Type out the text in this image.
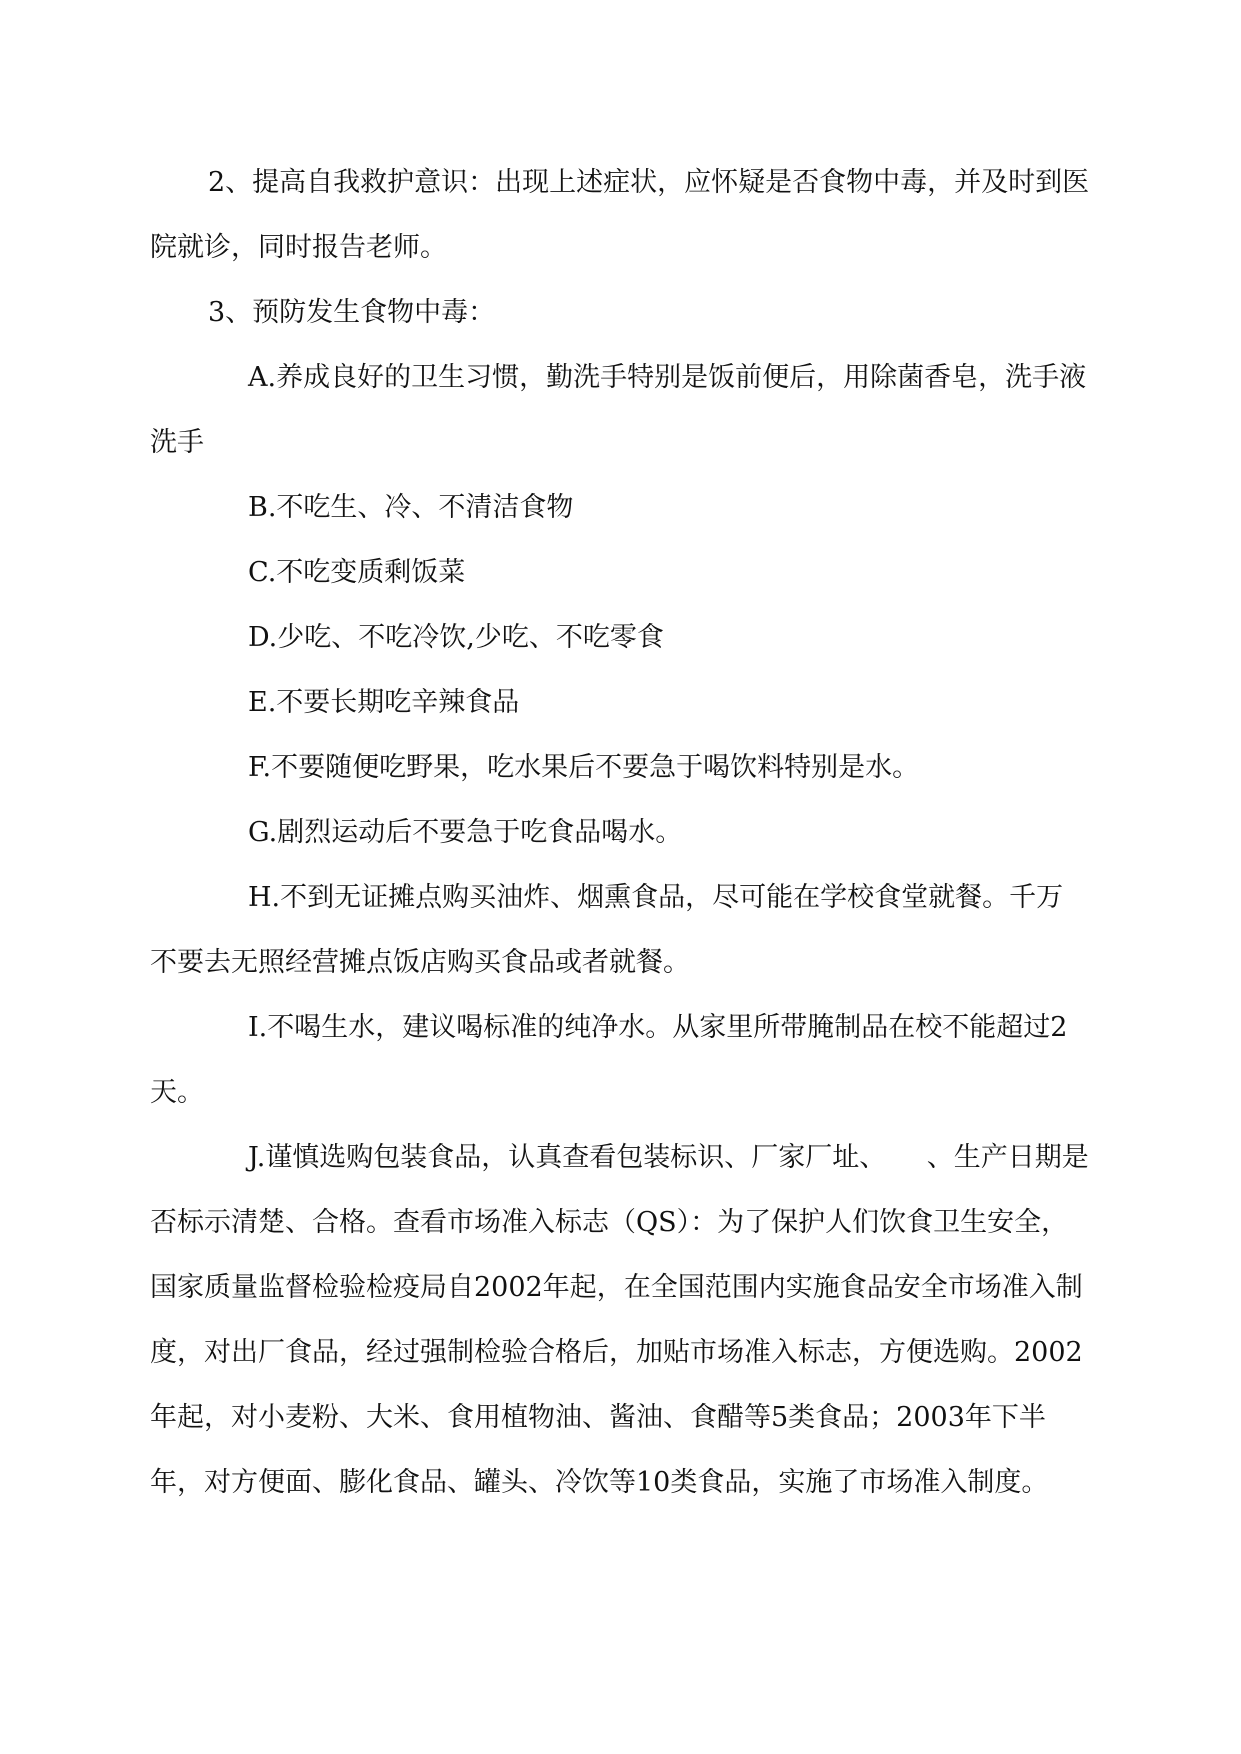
2、提高自我救护意识：出现上述症状，应怀疑是否食物中毒，并及时到医院就诊，同时报告老师。

3、预防发生食物中毒：

A.养成良好的卫生习惯，勤洗手特别是饭前便后，用除菌香皂，洗手液洗手

B.不吃生、冷、不清洁食物

C.不吃变质剩饭菜

D.少吃、不吃冷饮,少吃、不吃零食

E.不要长期吃辛辣食品

F.不要随便吃野果，吃水果后不要急于喝饮料特别是水。

G.剧烈运动后不要急于吃食品喝水。

H.不到无证摊点购买油炸、烟熏食品，尽可能在学校食堂就餐。千万不要去无照经营摊点饭店购买食品或者就餐。

I.不喝生水，建议喝标准的纯净水。从家里所带腌制品在校不能超过2天。

J.谨慎选购包装食品，认真查看包装标识、厂家厂址、　　、生产日期是否标示清楚、合格。查看市场准入标志（QS）：为了保护人们饮食卫生安全，国家质量监督检验检疫局自2002年起，在全国范围内实施食品安全市场准入制度，对出厂食品，经过强制检验合格后，加贴市场准入标志，方便选购。2002年起，对小麦粉、大米、食用植物油、酱油、食醋等5类食品；2003年下半年，对方便面、膨化食品、罐头、冷饮等10类食品，实施了市场准入制度。
